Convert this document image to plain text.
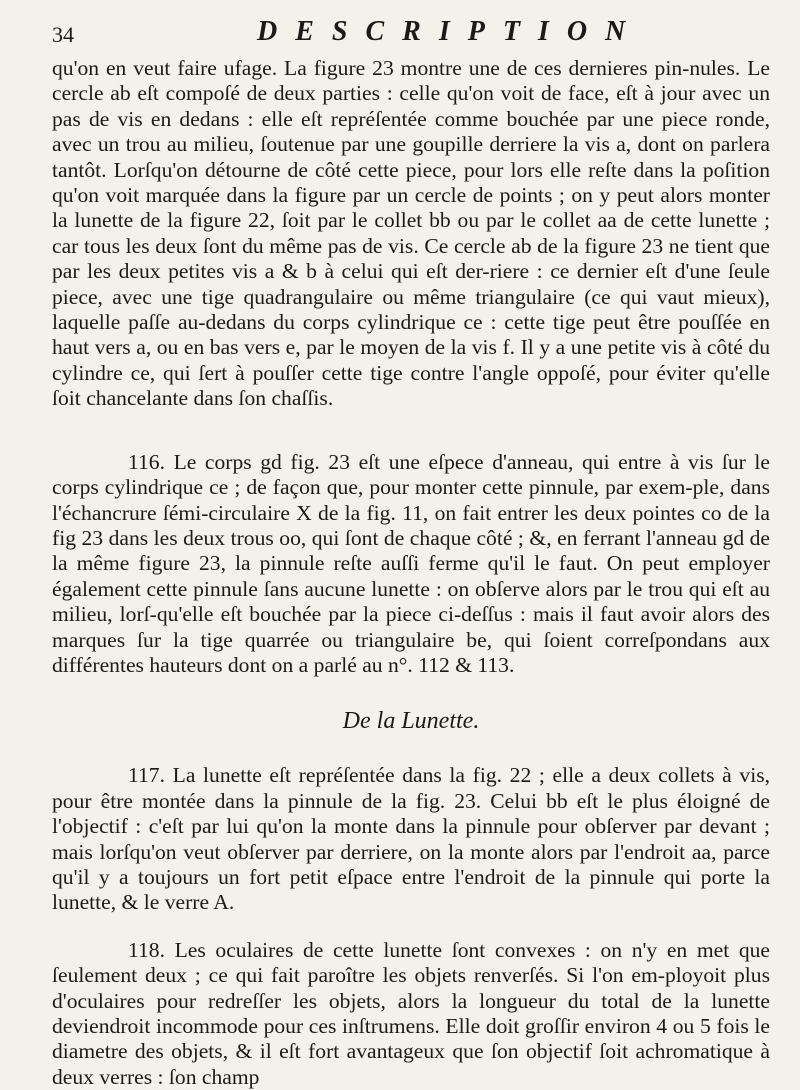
34	DESCRIPTION

qu'on en veut faire ufage. La figure 23 montre une de ces dernieres pin-nules. Le cercle ab eſt compoſé de deux parties : celle qu'on voit de face, eſt à jour avec un pas de vis en dedans : elle eſt repréſentée comme bouchée par une piece ronde, avec un trou au milieu, ſoutenue par une goupille derriere la vis a, dont on parlera tantôt. Lorſqu'on détourne de côté cette piece, pour lors elle reſte dans la poſition qu'on voit marquée dans la figure par un cercle de points ; on y peut alors monter la lunette de la figure 22, ſoit par le collet bb ou par le collet aa de cette lunette ; car tous les deux ſont du même pas de vis. Ce cercle ab de la figure 23 ne tient que par les deux petites vis a & b à celui qui eſt der-riere : ce dernier eſt d'une ſeule piece, avec une tige quadrangulaire ou même triangulaire (ce qui vaut mieux), laquelle paſſe au-dedans du corps cylindrique ce : cette tige peut être pouſſée en haut vers a, ou en bas vers e, par le moyen de la vis f. Il y a une petite vis à côté du cylindre ce, qui ſert à pouſſer cette tige contre l'angle oppoſé, pour éviter qu'elle ſoit chancelante dans ſon chaſſis.

116. Le corps gd fig. 23 eſt une eſpece d'anneau, qui entre à vis ſur le corps cylindrique ce ; de façon que, pour monter cette pinnule, par exem-ple, dans l'échancrure ſémi-circulaire X de la fig. 11, on fait entrer les deux pointes co de la fig 23 dans les deux trous oo, qui ſont de chaque côté ; &, en ferrant l'anneau gd de la même figure 23, la pinnule reſte auſſi ferme qu'il le faut. On peut employer également cette pinnule ſans aucune lunette : on obſerve alors par le trou qui eſt au milieu, lorſ-qu'elle eſt bouchée par la piece ci-deſſus : mais il faut avoir alors des marques ſur la tige quarrée ou triangulaire be, qui ſoient correſpondans aux différentes hauteurs dont on a parlé au n°. 112 & 113.

De la Lunette.

117. La lunette eſt repréſentée dans la fig. 22 ; elle a deux collets à vis, pour être montée dans la pinnule de la fig. 23. Celui bb eſt le plus éloigné de l'objectif : c'eſt par lui qu'on la monte dans la pinnule pour obſerver par devant ; mais lorſqu'on veut obſerver par derriere, on la monte alors par l'endroit aa, parce qu'il y a toujours un fort petit eſpace entre l'endroit de la pinnule qui porte la lunette, & le verre A.

118. Les oculaires de cette lunette ſont convexes : on n'y en met que ſeulement deux ; ce qui fait paroître les objets renverſés. Si l'on em-ployoit plus d'oculaires pour redreſſer les objets, alors la longueur du total de la lunette deviendroit incommode pour ces inſtrumens. Elle doit groſſir environ 4 ou 5 fois le diametre des objets, & il eſt fort avantageux que ſon objectif ſoit achromatique à deux verres : ſon champ
